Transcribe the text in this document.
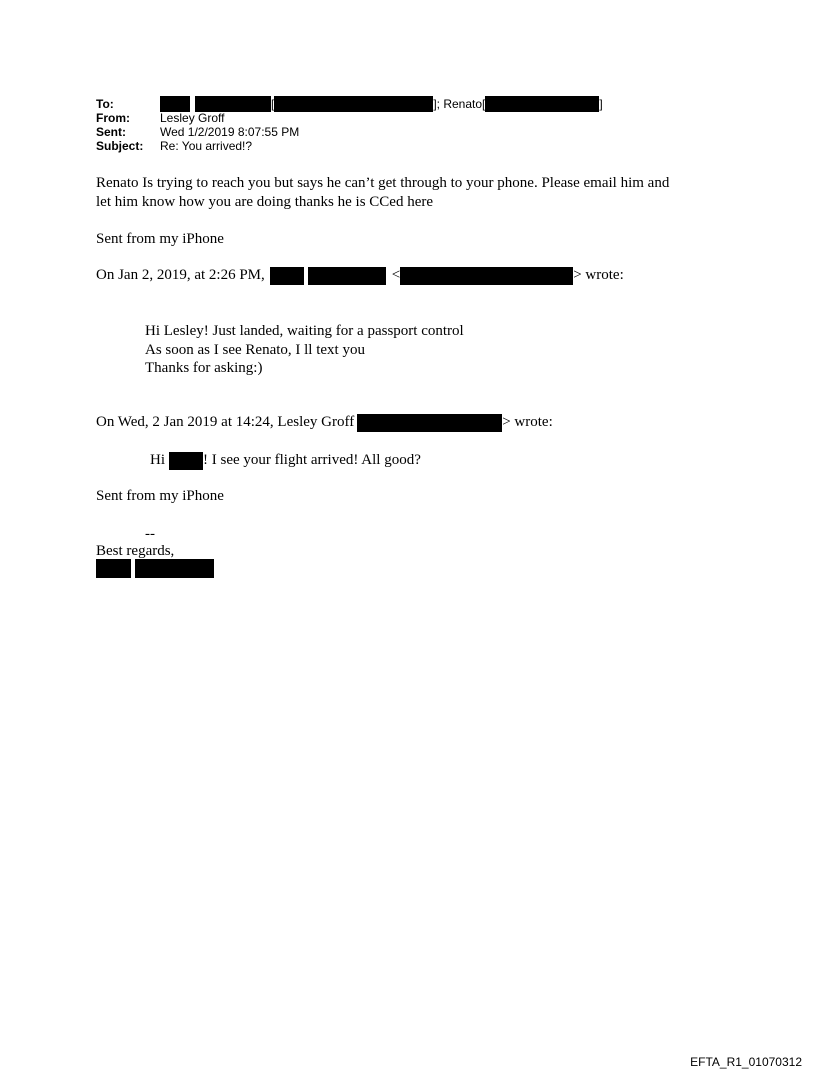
To:	[	]; Renato[	]
From:	Lesley Groff
Sent:	Wed 1/2/2019 8:07:55 PM
Subject:	Re: You arrived!?
Renato Is trying to reach you but says he can’t get through to your phone. Please email him and
let him know how you are doing thanks he is CCed here
Sent from my iPhone
On Jan 2, 2019, at 2:26 PM,	<	> wrote:
Hi Lesley! Just landed, waiting for a passport control
As soon as I see Renato, I ll text you
Thanks for asking:)
On Wed, 2 Jan 2019 at 14:24, Lesley Groff	> wrote:
Hi	! I see your flight arrived! All good?
Sent from my iPhone
--
Best regards,
EFTA_R1_01070312
